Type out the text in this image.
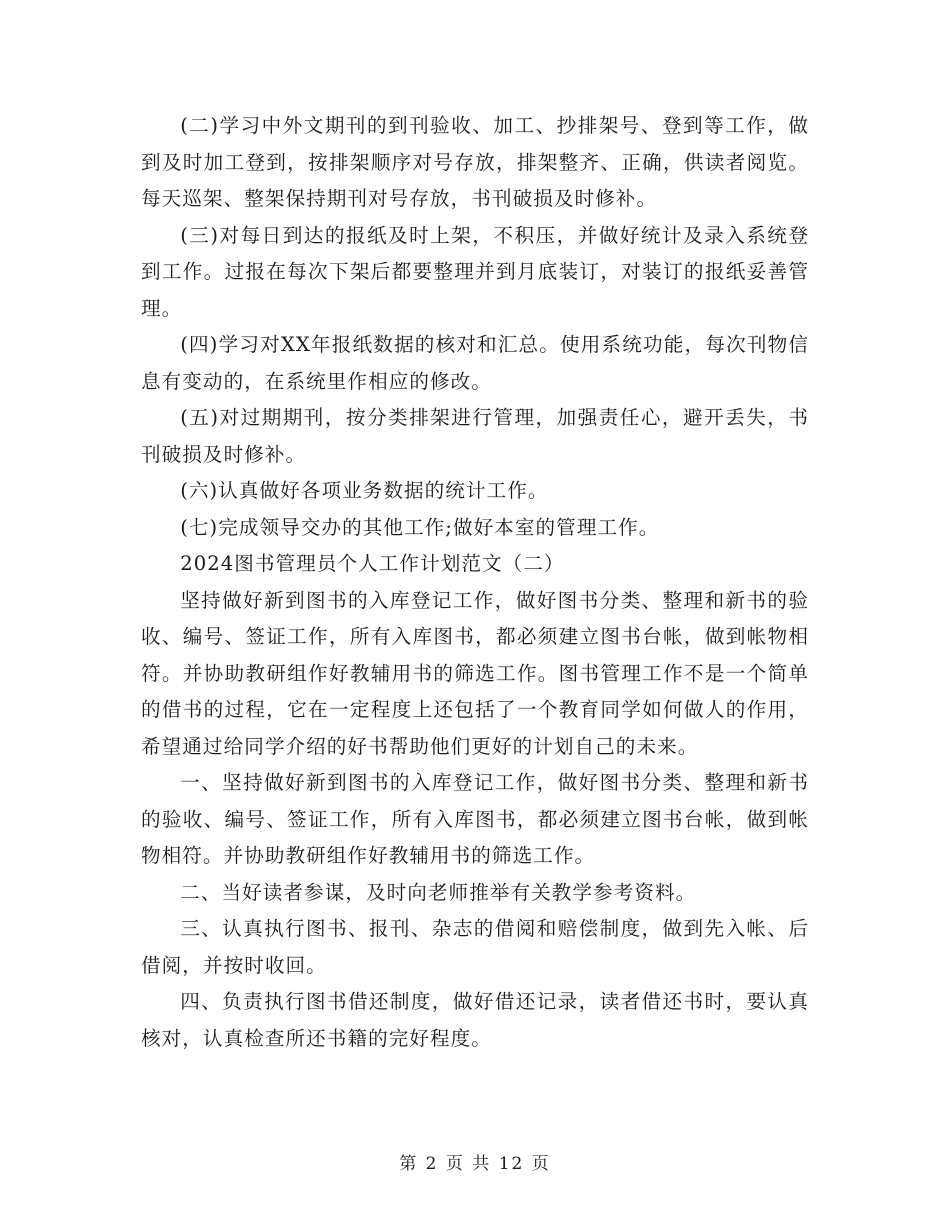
(二)学习中外文期刊的到刊验收、加工、抄排架号、登到等工作，做到及时加工登到，按排架顺序对号存放，排架整齐、正确，供读者阅览。每天巡架、整架保持期刊对号存放，书刊破损及时修补。

(三)对每日到达的报纸及时上架，不积压，并做好统计及录入系统登到工作。过报在每次下架后都要整理并到月底装订，对装订的报纸妥善管理。

(四)学习对XX年报纸数据的核对和汇总。使用系统功能，每次刊物信息有变动的，在系统里作相应的修改。

(五)对过期期刊，按分类排架进行管理，加强责任心，避开丢失，书刊破损及时修补。

(六)认真做好各项业务数据的统计工作。

(七)完成领导交办的其他工作;做好本室的管理工作。

2024图书管理员个人工作计划范文（二）

坚持做好新到图书的入库登记工作，做好图书分类、整理和新书的验收、编号、签证工作，所有入库图书，都必须建立图书台帐，做到帐物相符。并协助教研组作好教辅用书的筛选工作。图书管理工作不是一个简单的借书的过程，它在一定程度上还包括了一个教育同学如何做人的作用，希望通过给同学介绍的好书帮助他们更好的计划自己的未来。

一、坚持做好新到图书的入库登记工作，做好图书分类、整理和新书的验收、编号、签证工作，所有入库图书，都必须建立图书台帐，做到帐物相符。并协助教研组作好教辅用书的筛选工作。

二、当好读者参谋，及时向老师推举有关教学参考资料。

三、认真执行图书、报刊、杂志的借阅和赔偿制度，做到先入帐、后借阅，并按时收回。

四、负责执行图书借还制度，做好借还记录，读者借还书时，要认真核对，认真检查所还书籍的完好程度。

第 2 页 共 12 页
